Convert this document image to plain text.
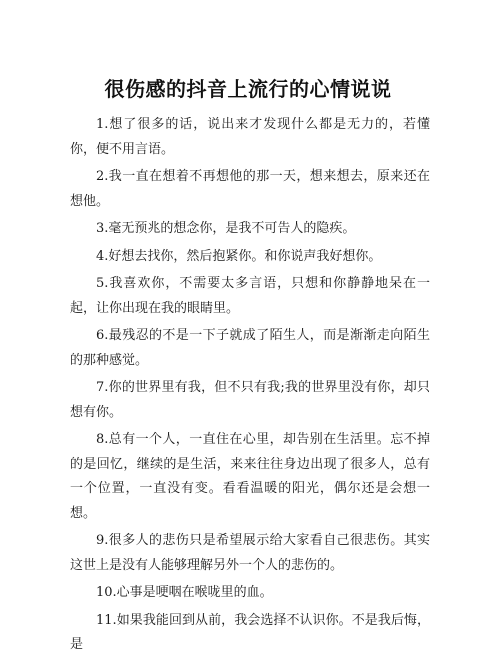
很伤感的抖音上流行的心情说说

1.想了很多的话，说出来才发现什么都是无力的，若懂你，便不用言语。

2.我一直在想着不再想他的那一天，想来想去，原来还在想他。

3.毫无预兆的想念你，是我不可告人的隐疾。

4.好想去找你，然后抱紧你。和你说声我好想你。

5.我喜欢你，不需要太多言语，只想和你静静地呆在一起，让你出现在我的眼睛里。

6.最残忍的不是一下子就成了陌生人，而是渐渐走向陌生的那种感觉。

7.你的世界里有我，但不只有我;我的世界里没有你，却只想有你。

8.总有一个人，一直住在心里，却告别在生活里。忘不掉的是回忆，继续的是生活，来来往往身边出现了很多人，总有一个位置，一直没有变。看看温暖的阳光，偶尔还是会想一想。

9.很多人的悲伤只是希望展示给大家看自己很悲伤。其实这世上是没有人能够理解另外一个人的悲伤的。

10.心事是哽咽在喉咙里的血。

11.如果我能回到从前，我会选择不认识你。不是我后悔，是
